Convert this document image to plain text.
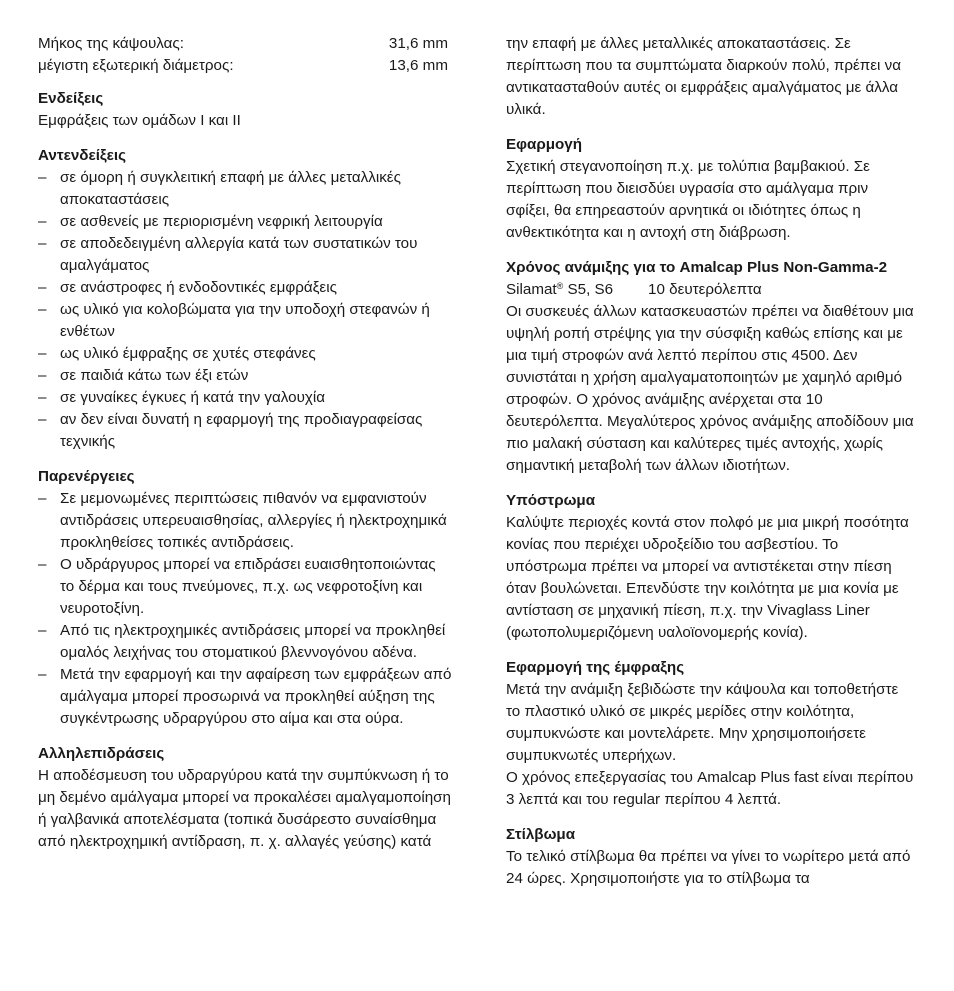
Μήκος της κάψουλας:	31,6 mm
μέγιστη εξωτερική διάμετρος:	13,6 mm
Ενδείξεις

Εμφράξεις των ομάδων I και II

Αντενδείξεις
– σε όμορη ή συγκλειτική επαφή με άλλες μεταλλικές αποκαταστάσεις
– σε ασθενείς με περιορισμένη νεφρική λειτουργία
– σε αποδεδειγμένη αλλεργία κατά των συστατικών του αμαλγάματος
– σε ανάστροφες ή ενδοδοντικές εμφράξεις
– ως υλικό για κολοβώματα για την υποδοχή στεφανών ή ενθέτων
– ως υλικό έμφραξης σε χυτές στεφάνες
– σε παιδιά κάτω των έξι ετών
– σε γυναίκες έγκυες ή κατά την γαλουχία
– αν δεν είναι δυνατή η εφαρμογή της προδιαγραφείσας τεχνικής
Παρενέργειες
– Σε μεμονωμένες περιπτώσεις πιθανόν να εμφανιστούν αντιδράσεις υπερευαισθησίας, αλλεργίες ή ηλεκτροχημικά προκληθείσες τοπικές αντιδράσεις.
– Ο υδράργυρος μπορεί να επιδράσει ευαισθητοποιώντας το δέρμα και τους πνεύμονες, π.χ. ως νεφροτοξίνη και νευροτοξίνη.
– Από τις ηλεκτροχημικές αντιδράσεις μπορεί να προκληθεί ομαλός λειχήνας του στοματικού βλεννογόνου αδένα.
– Μετά την εφαρμογή και την αφαίρεση των εμφράξεων από αμάλγαμα μπορεί προσωρινά να προκληθεί αύξηση της συγκέντρωσης υδραργύρου στο αίμα και στα ούρα.
Αλληλεπιδράσεις

Η αποδέσμευση του υδραργύρου κατά την συμπύκνωση ή το μη δεμένο αμάλγαμα μπορεί να προκαλέσει αμαλγαμοποίηση ή γαλβανικά αποτελέσματα (τοπικά δυσάρεστο συναίσθημα από ηλεκτροχημική αντίδραση, π. χ. αλλαγές γεύσης) κατά

την επαφή με άλλες μεταλλικές αποκαταστάσεις. Σε περίπτωση που τα συμπτώματα διαρκούν πολύ, πρέπει να αντικατασταθούν αυτές οι εμφράξεις αμαλγάματος με άλλα υλικά.

Εφαρμογή

Σχετική στεγανοποίηση π.χ. με τολύπια βαμβακιού. Σε περίπτωση που διεισδύει υγρασία στο αμάλγαμα πριν σφίξει, θα επηρεαστούν αρνητικά οι ιδιότητες όπως η ανθεκτικότητα και η αντοχή στη διάβρωση.

Χρόνος ανάμιξης για το Amalcap Plus Non-Gamma-2
Silamat® S5, S6	10 δευτερόλεπτα

Οι συσκευές άλλων κατασκευαστών πρέπει να διαθέτουν μια υψηλή ροπή στρέψης για την σύσφιξη καθώς επίσης και με μια τιμή στροφών ανά λεπτό περίπου στις 4500. Δεν συνιστάται η χρήση αμαλγαματοποιητών με χαμηλό αριθμό στροφών. Ο χρόνος ανάμιξης ανέρχεται στα 10 δευτερόλεπτα. Μεγαλύτερος χρόνος ανάμιξης αποδίδουν μια πιο μαλακή σύσταση και καλύτερες τιμές αντοχής, χωρίς σημαντική μεταβολή των άλλων ιδιοτήτων.

Υπόστρωμα

Καλύψτε περιοχές κοντά στον πολφό με μια μικρή ποσότητα κονίας που περιέχει υδροξείδιο του ασβεστίου. Το υπόστρωμα πρέπει να μπορεί να αντιστέκεται στην πίεση όταν βουλώνεται. Επενδύστε την κοιλότητα με μια κονία με αντίσταση σε μηχανική πίεση, π.χ. την Vivaglass Liner (φωτοπολυμεριζόμενη υαλοϊονομερής κονία).

Εφαρμογή της έμφραξης

Μετά την ανάμιξη ξεβιδώστε την κάψουλα και τοποθετήστε το πλαστικό υλικό σε μικρές μερίδες στην κοιλότητα, συμπυκνώστε και μοντελάρετε. Μην χρησιμοποιήσετε συμπυκνωτές υπερήχων.

Ο χρόνος επεξεργασίας του Amalcap Plus fast είναι περίπου 3 λεπτά και του regular περίπου 4 λεπτά.

Στίλβωμα

Το τελικό στίλβωμα θα πρέπει να γίνει το νωρίτερο μετά από 24 ώρες. Χρησιμοποιήστε για το στίλβωμα τα
